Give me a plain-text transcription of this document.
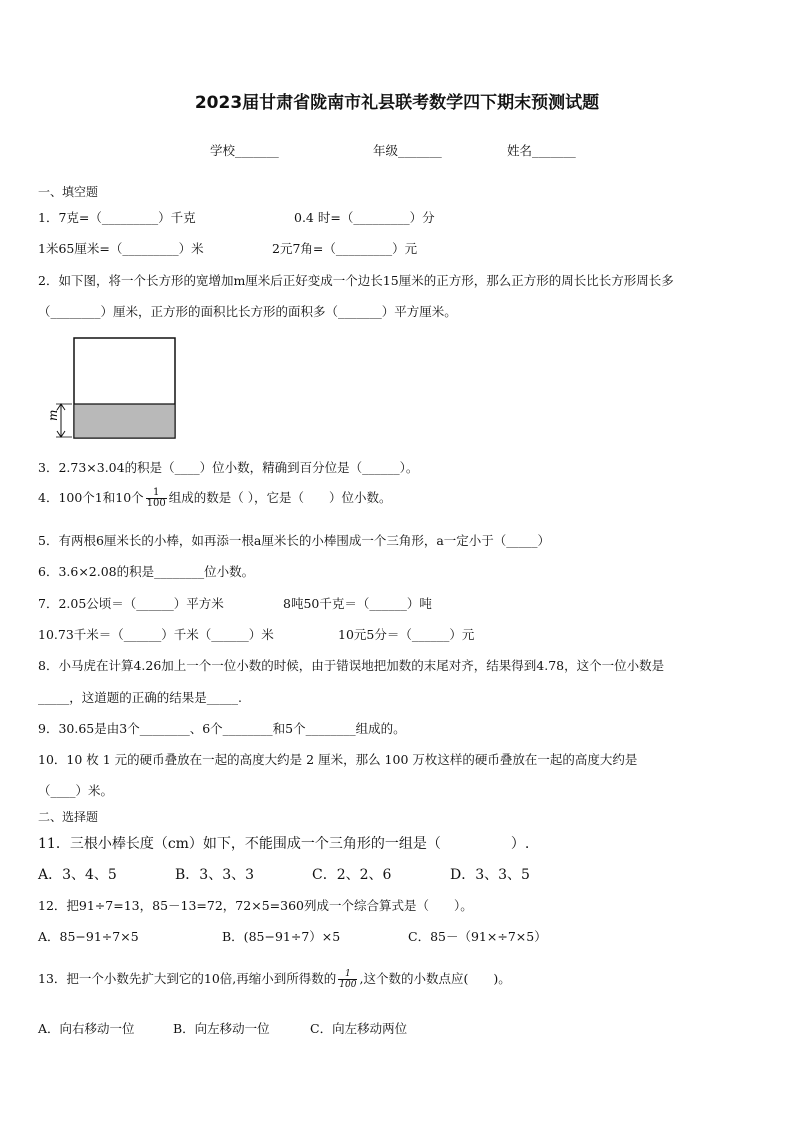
2023届甘肃省陇南市礼县联考数学四下期末预测试题
学校_______	年级_______	姓名_______
一、填空题
1．7克=（_________）千克	0.4 时=（_________）分
1米65厘米=（_________）米	2元7角=（_________）元
2．如下图，将一个长方形的宽增加m厘米后正好变成一个边长15厘米的正方形，那么正方形的周长比长方形周长多
（________）厘米，正方形的面积比长方形的面积多（_______）平方厘米。
m
3．2.73×3.04的积是（____）位小数，精确到百分位是（______）。
4．100个1和10个 $\frac{1}{100}$ 组成的数是（ ），它是（　　）位小数。
5．有两根6厘米长的小棒，如再添一根a厘米长的小棒围成一个三角形，a一定小于（_____）
6．3.6×2.08的积是________位小数。
7．2.05公顷＝（______）平方米	8吨50千克＝（______）吨
10.73千米＝（______）千米（______）米	10元5分＝（______）元
8．小马虎在计算4.26加上一个一位小数的时候，由于错误地把加数的末尾对齐，结果得到4.78，这个一位小数是
_____，这道题的正确的结果是_____.
9．30.65是由3个________、6个________和5个________组成的。
10．10 枚 1 元的硬币叠放在一起的高度大约是 2 厘米，那么 100 万枚这样的硬币叠放在一起的高度大约是
（____）米。
二、选择题
11．三根小棒长度（cm）如下，不能围成一个三角形的一组是（　　　　　）.
A．3、4、5	B．3、3、3	C．2、2、6	D．3、3、5
12．把91÷7=13，85－13=72，72×5=360列成一个综合算式是（　　）。
A．85−91÷7×5	B．(85−91÷7）×5	C．85－（91×÷7×5）
13．把一个小数先扩大到它的10倍,再缩小到所得数的 $\frac{1}{100}$ ,这个数的小数点应(　　)。
A．向右移动一位	B．向左移动一位	C．向左移动两位
